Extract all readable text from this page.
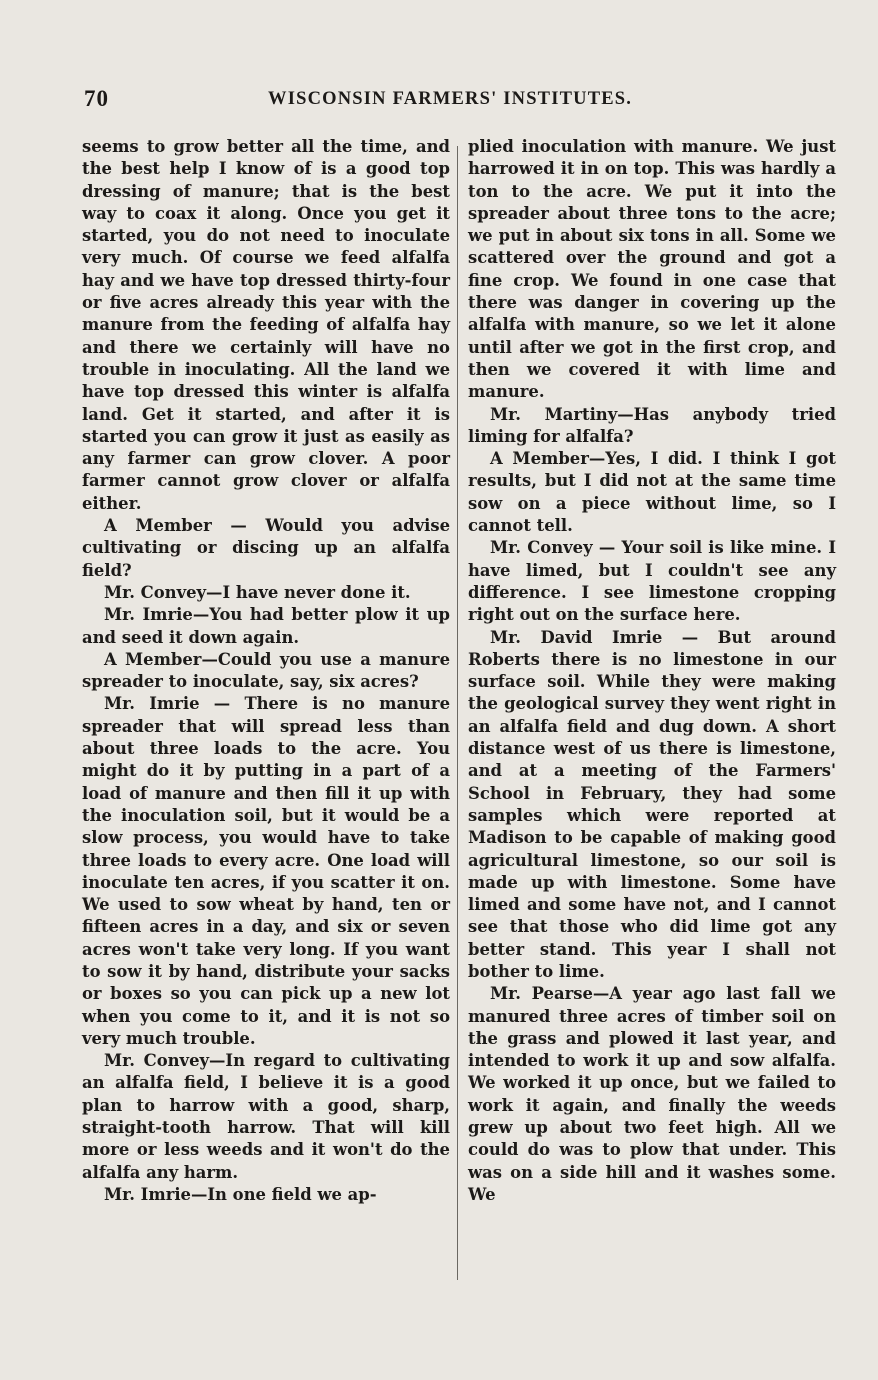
70	WISCONSIN FARMERS' INSTITUTES.

seems to grow better all the time, and the best help I know of is a good top dressing of manure; that is the best way to coax it along. Once you get it started, you do not need to inoculate very much. Of course we feed alfalfa hay and we have top dressed thirty-four or five acres already this year with the manure from the feeding of alfalfa hay and there we certainly will have no trouble in inoculating. All the land we have top dressed this winter is alfalfa land. Get it started, and after it is started you can grow it just as easily as any farmer can grow clover. A poor farmer cannot grow clover or alfalfa either.

A Member — Would you advise cultivating or discing up an alfalfa field?

Mr. Convey—I have never done it.

Mr. Imrie—You had better plow it up and seed it down again.

A Member—Could you use a manure spreader to inoculate, say, six acres?

Mr. Imrie — There is no manure spreader that will spread less than about three loads to the acre. You might do it by putting in a part of a load of manure and then fill it up with the inoculation soil, but it would be a slow process, you would have to take three loads to every acre. One load will inoculate ten acres, if you scatter it on. We used to sow wheat by hand, ten or fifteen acres in a day, and six or seven acres won't take very long. If you want to sow it by hand, distribute your sacks or boxes so you can pick up a new lot when you come to it, and it is not so very much trouble.

Mr. Convey—In regard to cultivating an alfalfa field, I believe it is a good plan to harrow with a good, sharp, straight-tooth harrow. That will kill more or less weeds and it won't do the alfalfa any harm.

Mr. Imrie—In one field we ap-

plied inoculation with manure. We just harrowed it in on top. This was hardly a ton to the acre. We put it into the spreader about three tons to the acre; we put in about six tons in all. Some we scattered over the ground and got a fine crop. We found in one case that there was danger in covering up the alfalfa with manure, so we let it alone until after we got in the first crop, and then we covered it with lime and manure.

Mr. Martiny—Has anybody tried liming for alfalfa?

A Member—Yes, I did. I think I got results, but I did not at the same time sow on a piece without lime, so I cannot tell.

Mr. Convey — Your soil is like mine. I have limed, but I couldn't see any difference. I see limestone cropping right out on the surface here.

Mr. David Imrie — But around Roberts there is no limestone in our surface soil. While they were making the geological survey they went right in an alfalfa field and dug down. A short distance west of us there is limestone, and at a meeting of the Farmers' School in February, they had some samples which were reported at Madison to be capable of making good agricultural limestone, so our soil is made up with limestone. Some have limed and some have not, and I cannot see that those who did lime got any better stand. This year I shall not bother to lime.

Mr. Pearse—A year ago last fall we manured three acres of timber soil on the grass and plowed it last year, and intended to work it up and sow alfalfa. We worked it up once, but we failed to work it again, and finally the weeds grew up about two feet high. All we could do was to plow that under. This was on a side hill and it washes some. We
